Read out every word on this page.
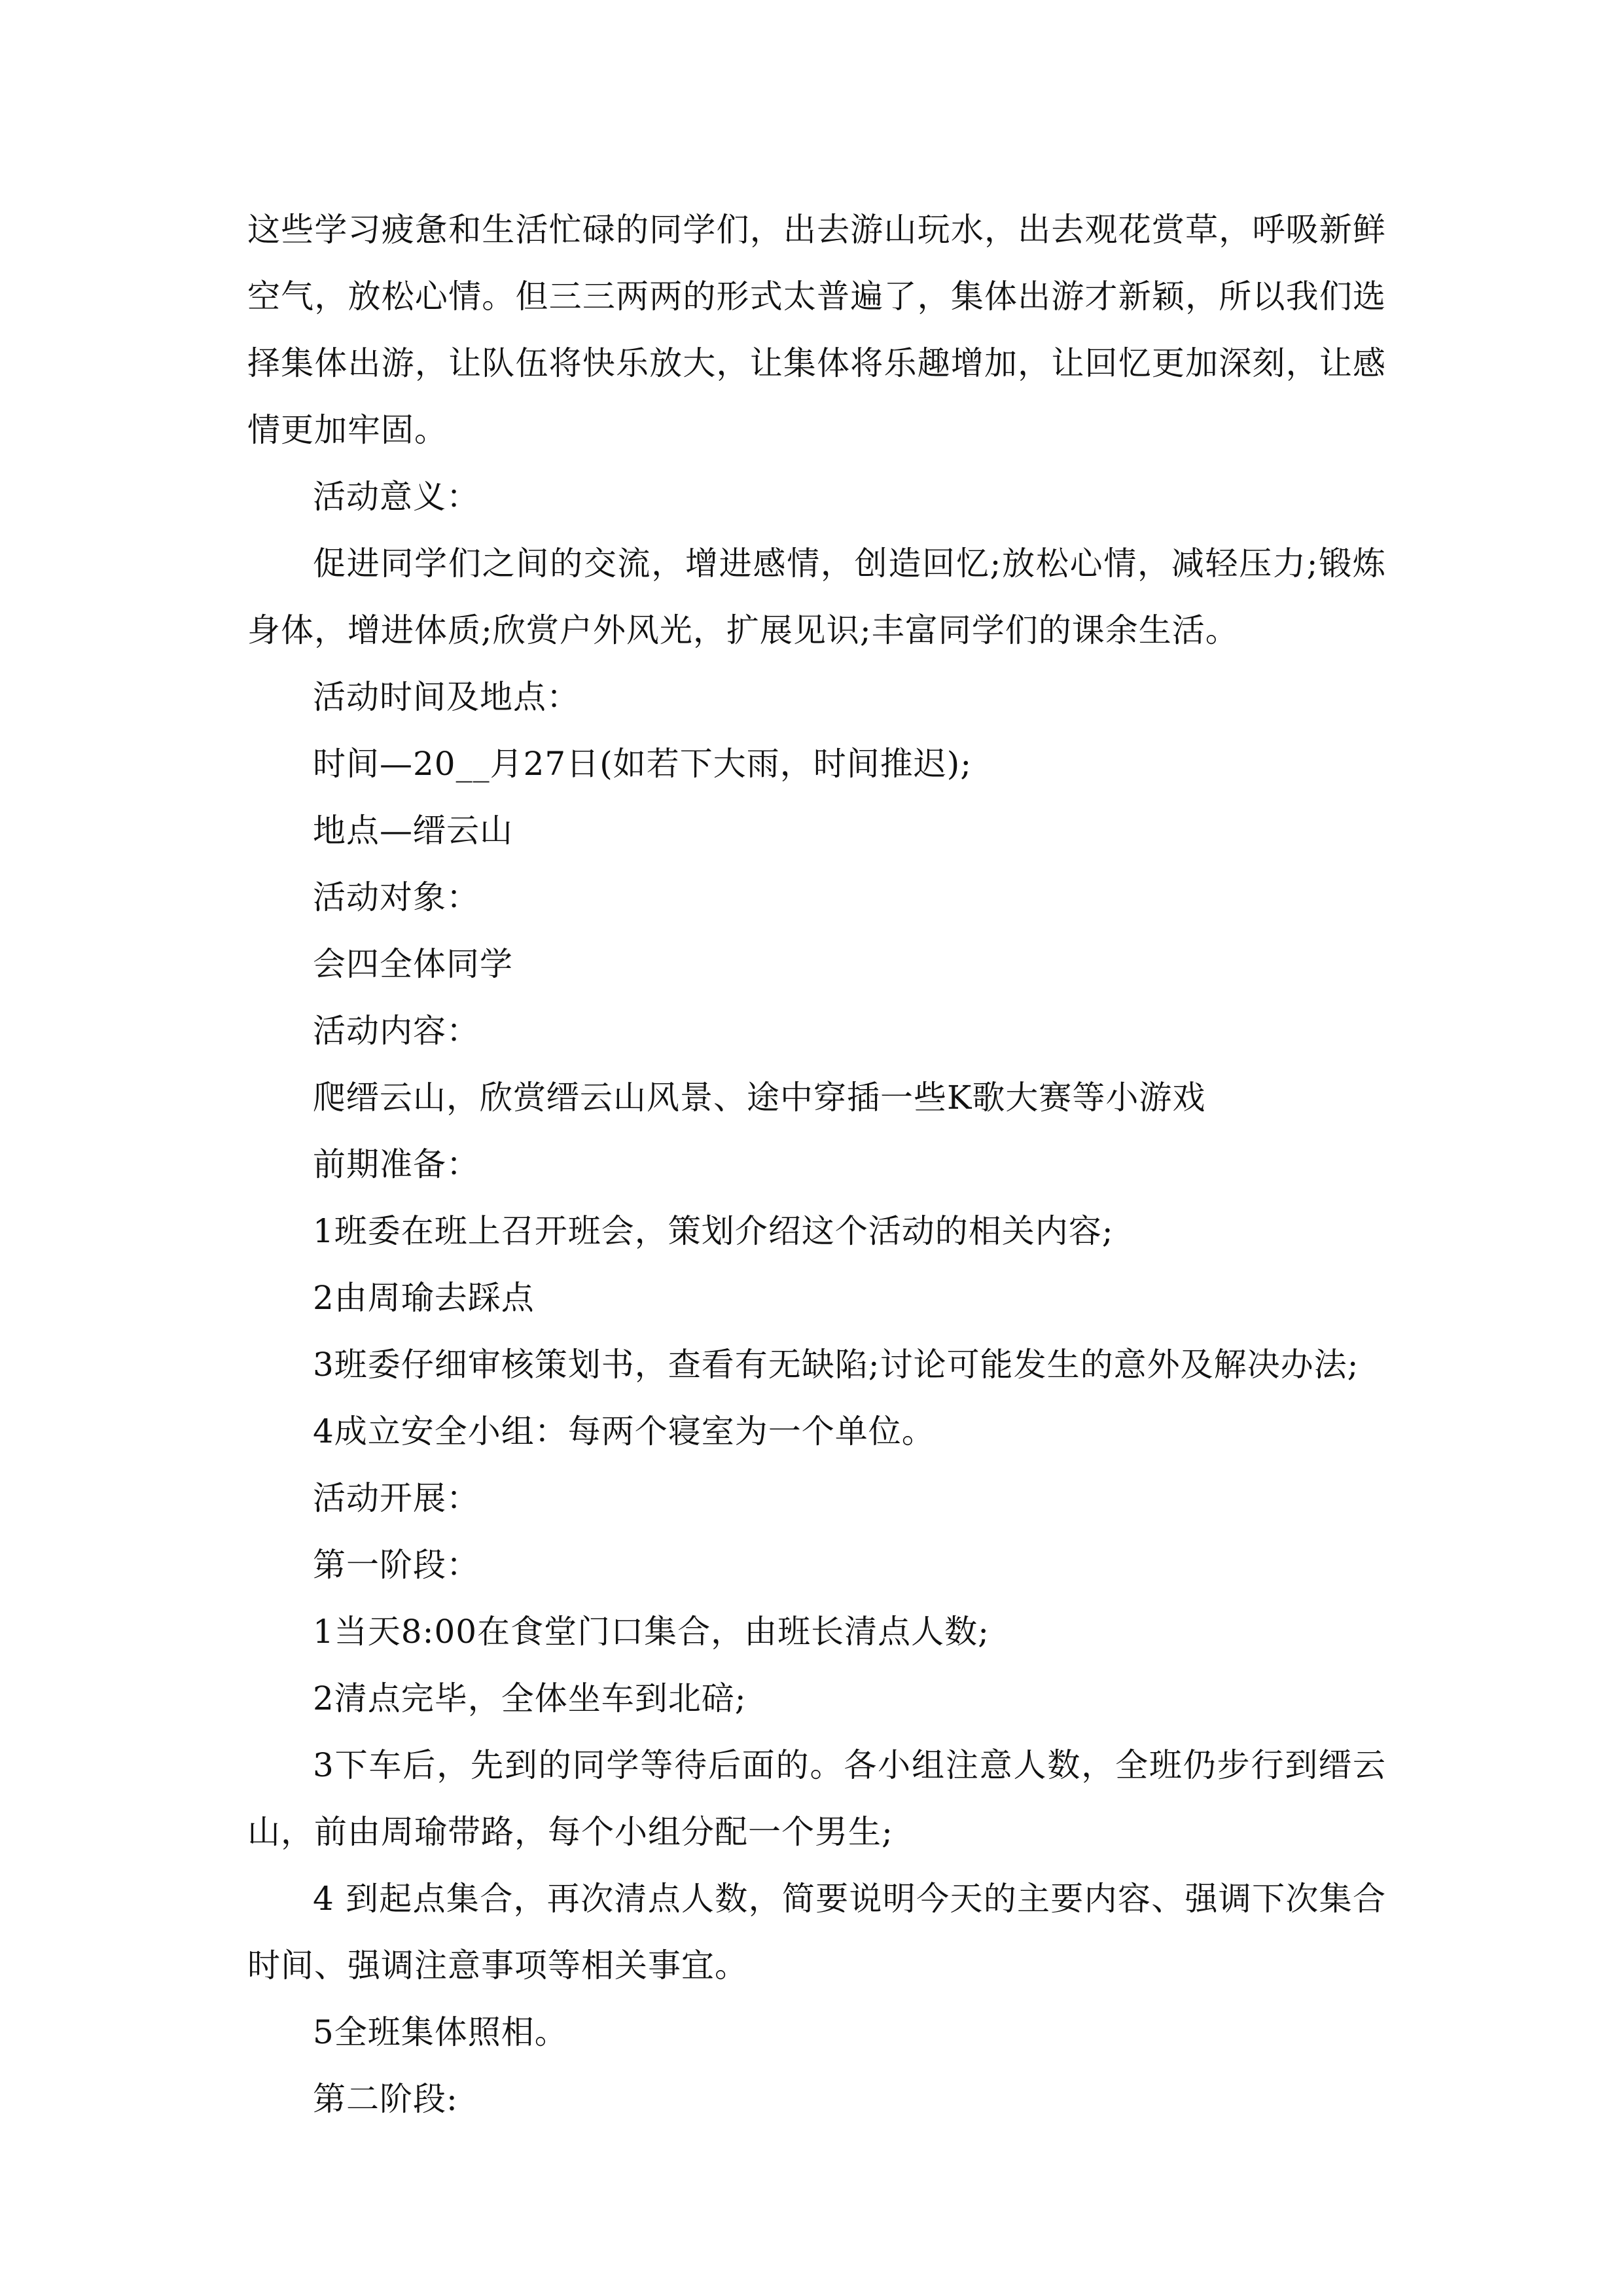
这些学习疲惫和生活忙碌的同学们，出去游山玩水，出去观花赏草，呼吸新鲜空气，放松心情。但三三两两的形式太普遍了，集体出游才新颖，所以我们选择集体出游，让队伍将快乐放大，让集体将乐趣增加，让回忆更加深刻，让感情更加牢固。

活动意义：

促进同学们之间的交流，增进感情，创造回忆;放松心情，减轻压力;锻炼身体，增进体质;欣赏户外风光，扩展见识;丰富同学们的课余生活。

活动时间及地点：

时间—20__月27日(如若下大雨，时间推迟);

地点—缙云山

活动对象：

会四全体同学

活动内容：

爬缙云山，欣赏缙云山风景、途中穿插一些K歌大赛等小游戏

前期准备：

1班委在班上召开班会，策划介绍这个活动的相关内容;

2由周瑜去踩点

3班委仔细审核策划书，查看有无缺陷;讨论可能发生的意外及解决办法;

4成立安全小组：每两个寝室为一个单位。

活动开展：

第一阶段：

1当天8:00在食堂门口集合，由班长清点人数;

2清点完毕，全体坐车到北碚;

3下车后，先到的同学等待后面的。各小组注意人数，全班仍步行到缙云山，前由周瑜带路，每个小组分配一个男生;

4 到起点集合，再次清点人数，简要说明今天的主要内容、强调下次集合时间、强调注意事项等相关事宜。

5全班集体照相。

第二阶段:
